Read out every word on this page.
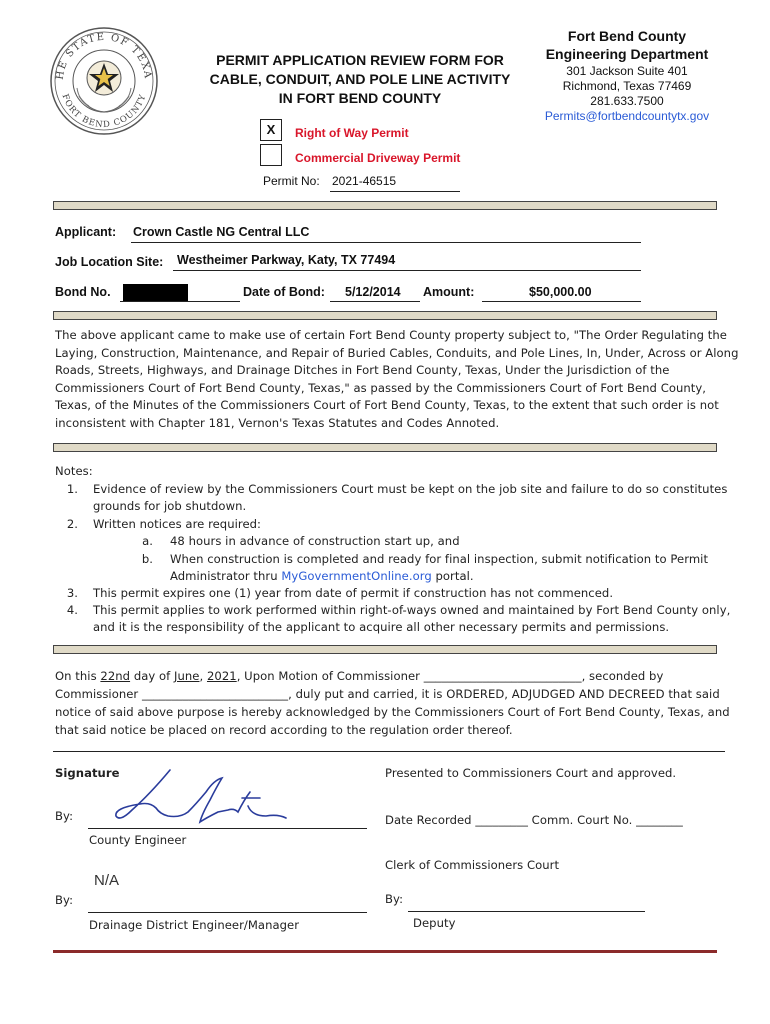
HE STATE OF TEXA
FORT BEND COUNTY
PERMIT APPLICATION REVIEW FORM FOR
CABLE, CONDUIT, AND POLE LINE ACTIVITY
IN FORT BEND COUNTY
Fort Bend County
Engineering Department
301 Jackson Suite 401
Richmond, Texas 77469
281.633.7500
Permits@fortbendcountytx.gov
X	Right of Way Permit
Commercial Driveway Permit
Permit No: 2021-46515
Applicant: Crown Castle NG Central LLC
Job Location Site: Westheimer Parkway, Katy, TX 77494
Bond No.	Date of Bond: 5/12/2014 Amount:	$50,000.00
The above applicant came to make use of certain Fort Bend County property subject to, "The Order Regulating the
Laying, Construction, Maintenance, and Repair of Buried Cables, Conduits, and Pole Lines, In, Under, Across or Along
Roads, Streets, Highways, and Drainage Ditches in Fort Bend County, Texas, Under the Jurisdiction of the
Commissioners Court of Fort Bend County, Texas," as passed by the Commissioners Court of Fort Bend County,
Texas, of the Minutes of the Commissioners Court of Fort Bend County, Texas, to the extent that such order is not
inconsistent with Chapter 181, Vernon's Texas Statutes and Codes Annoted.
Notes:
1. Evidence of review by the Commissioners Court must be kept on the job site and failure to do so constitutes
grounds for job shutdown.
2. Written notices are required:
a. 48 hours in advance of construction start up, and
b. When construction is completed and ready for final inspection, submit notification to Permit
Administrator thru MyGovernmentOnline.org portal.
3. This permit expires one (1) year from date of permit if construction has not commenced.
4. This permit applies to work performed within right-of-ways owned and maintained by Fort Bend County only,
and it is the responsibility of the applicant to acquire all other necessary permits and permissions.
On this 22nd day of June, 2021, Upon Motion of Commissioner ___________________________, seconded by
Commissioner _________________________, duly put and carried, it is ORDERED, ADJUDGED AND DECREED that said
notice of said above purpose is hereby acknowledged by the Commissioners Court of Fort Bend County, Texas, and
that said notice be placed on record according to the regulation order thereof.
Signature
By:
County Engineer
N/A
By:
Drainage District Engineer/Manager
Presented to Commissioners Court and approved.
Date Recorded _________ Comm. Court No. ________
Clerk of Commissioners Court
By:
Deputy
